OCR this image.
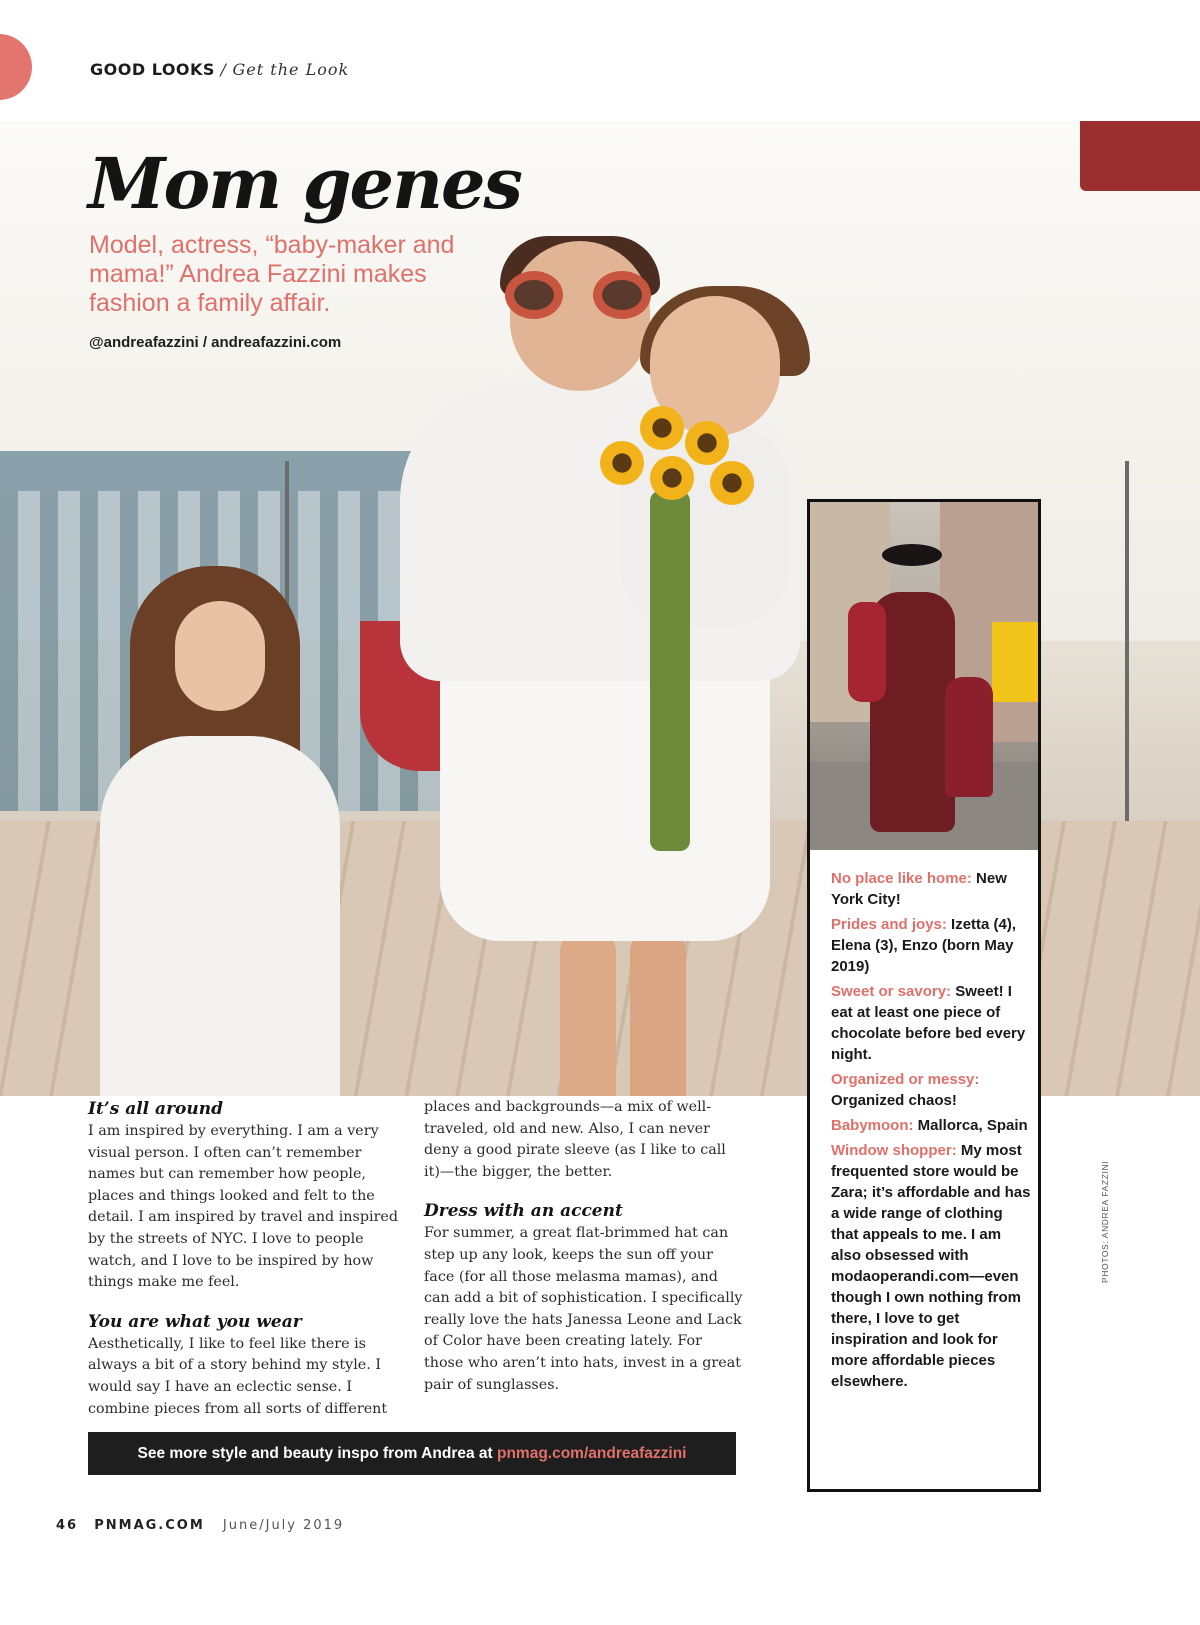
GOOD LOOKS / Get the Look
Mom genes

Model, actress, “baby-maker and mama!” Andrea Fazzini makes fashion a family affair.

@andreafazzini / andreafazzini.com

No place like home: New York City!

Prides and joys: Izetta (4), Elena (3), Enzo (born May 2019)

Sweet or savory: Sweet! I eat at least one piece of chocolate before bed every night.

Organized or messy: Organized chaos!

Babymoon: Mallorca, Spain

Window shopper: My most frequented store would be Zara; it’s affordable and has a wide range of clothing that appeals to me. I am also obsessed with modaoperandi.com—even though I own nothing from there, I love to get inspiration and look for more affordable pieces elsewhere.

It’s all around

I am inspired by everything. I am a very visual person. I often can’t remember names but can remember how people, places and things looked and felt to the detail. I am inspired by travel and inspired by the streets of NYC. I love to people watch, and I love to be inspired by how things make me feel.

You are what you wear

Aesthetically, I like to feel like there is always a bit of a story behind my style. I would say I have an eclectic sense. I combine pieces from all sorts of different

places and backgrounds—a mix of well-traveled, old and new. Also, I can never deny a good pirate sleeve (as I like to call it)—the bigger, the better.

Dress with an accent

For summer, a great flat-brimmed hat can step up any look, keeps the sun off your face (for all those melasma mamas), and can add a bit of sophistication. I specifically really love the hats Janessa Leone and Lack of Color have been creating lately. For those who aren’t into hats, invest in a great pair of sunglasses.

See more style and beauty inspo from Andrea at pnmag.com/andreafazzini
PHOTOS: ANDREA FAZZINI
46 PNMAG.COM June/July 2019
